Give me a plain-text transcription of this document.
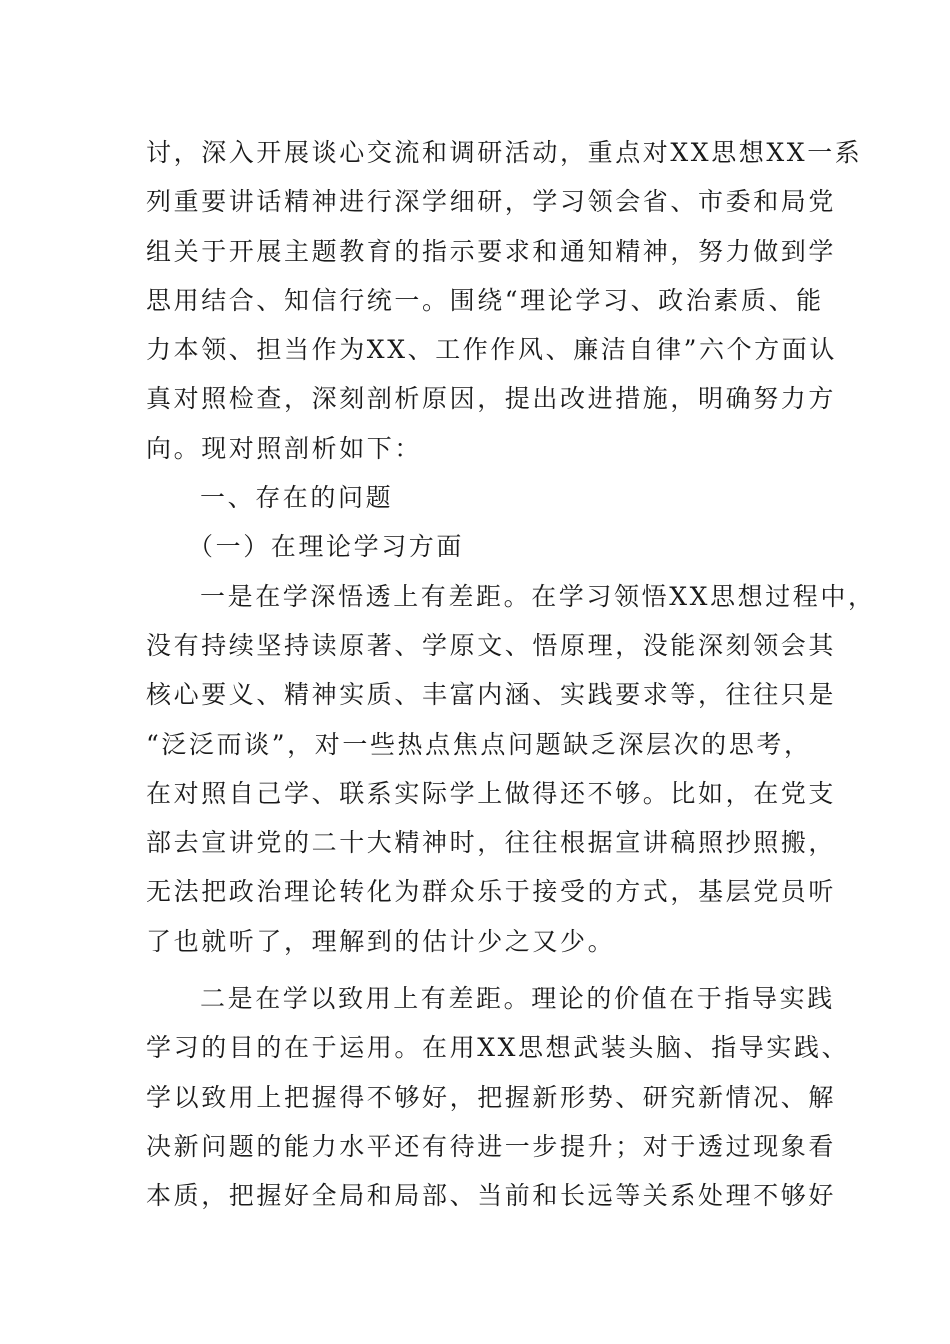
讨，深入开展谈心交流和调研活动，重点对XX思想XX一系
列重要讲话精神进行深学细研，学习领会省、市委和局党
组关于开展主题教育的指示要求和通知精神，努力做到学
思用结合、知信行统一。围绕“理论学习、政治素质、能
力本领、担当作为XX、工作作风、廉洁自律”六个方面认
真对照检查，深刻剖析原因，提出改进措施，明确努力方
向。现对照剖析如下：
一、存在的问题
（一）在理论学习方面
一是在学深悟透上有差距。在学习领悟XX思想过程中，
没有持续坚持读原著、学原文、悟原理，没能深刻领会其
核心要义、精神实质、丰富内涵、实践要求等，往往只是
“泛泛而谈”，对一些热点焦点问题缺乏深层次的思考，
在对照自己学、联系实际学上做得还不够。比如，在党支
部去宣讲党的二十大精神时，往往根据宣讲稿照抄照搬，
无法把政治理论转化为群众乐于接受的方式，基层党员听
了也就听了，理解到的估计少之又少。
二是在学以致用上有差距。理论的价值在于指导实践
学习的目的在于运用。在用XX思想武装头脑、指导实践、
学以致用上把握得不够好，把握新形势、研究新情况、解
决新问题的能力水平还有待进一步提升；对于透过现象看
本质，把握好全局和局部、当前和长远等关系处理不够好
